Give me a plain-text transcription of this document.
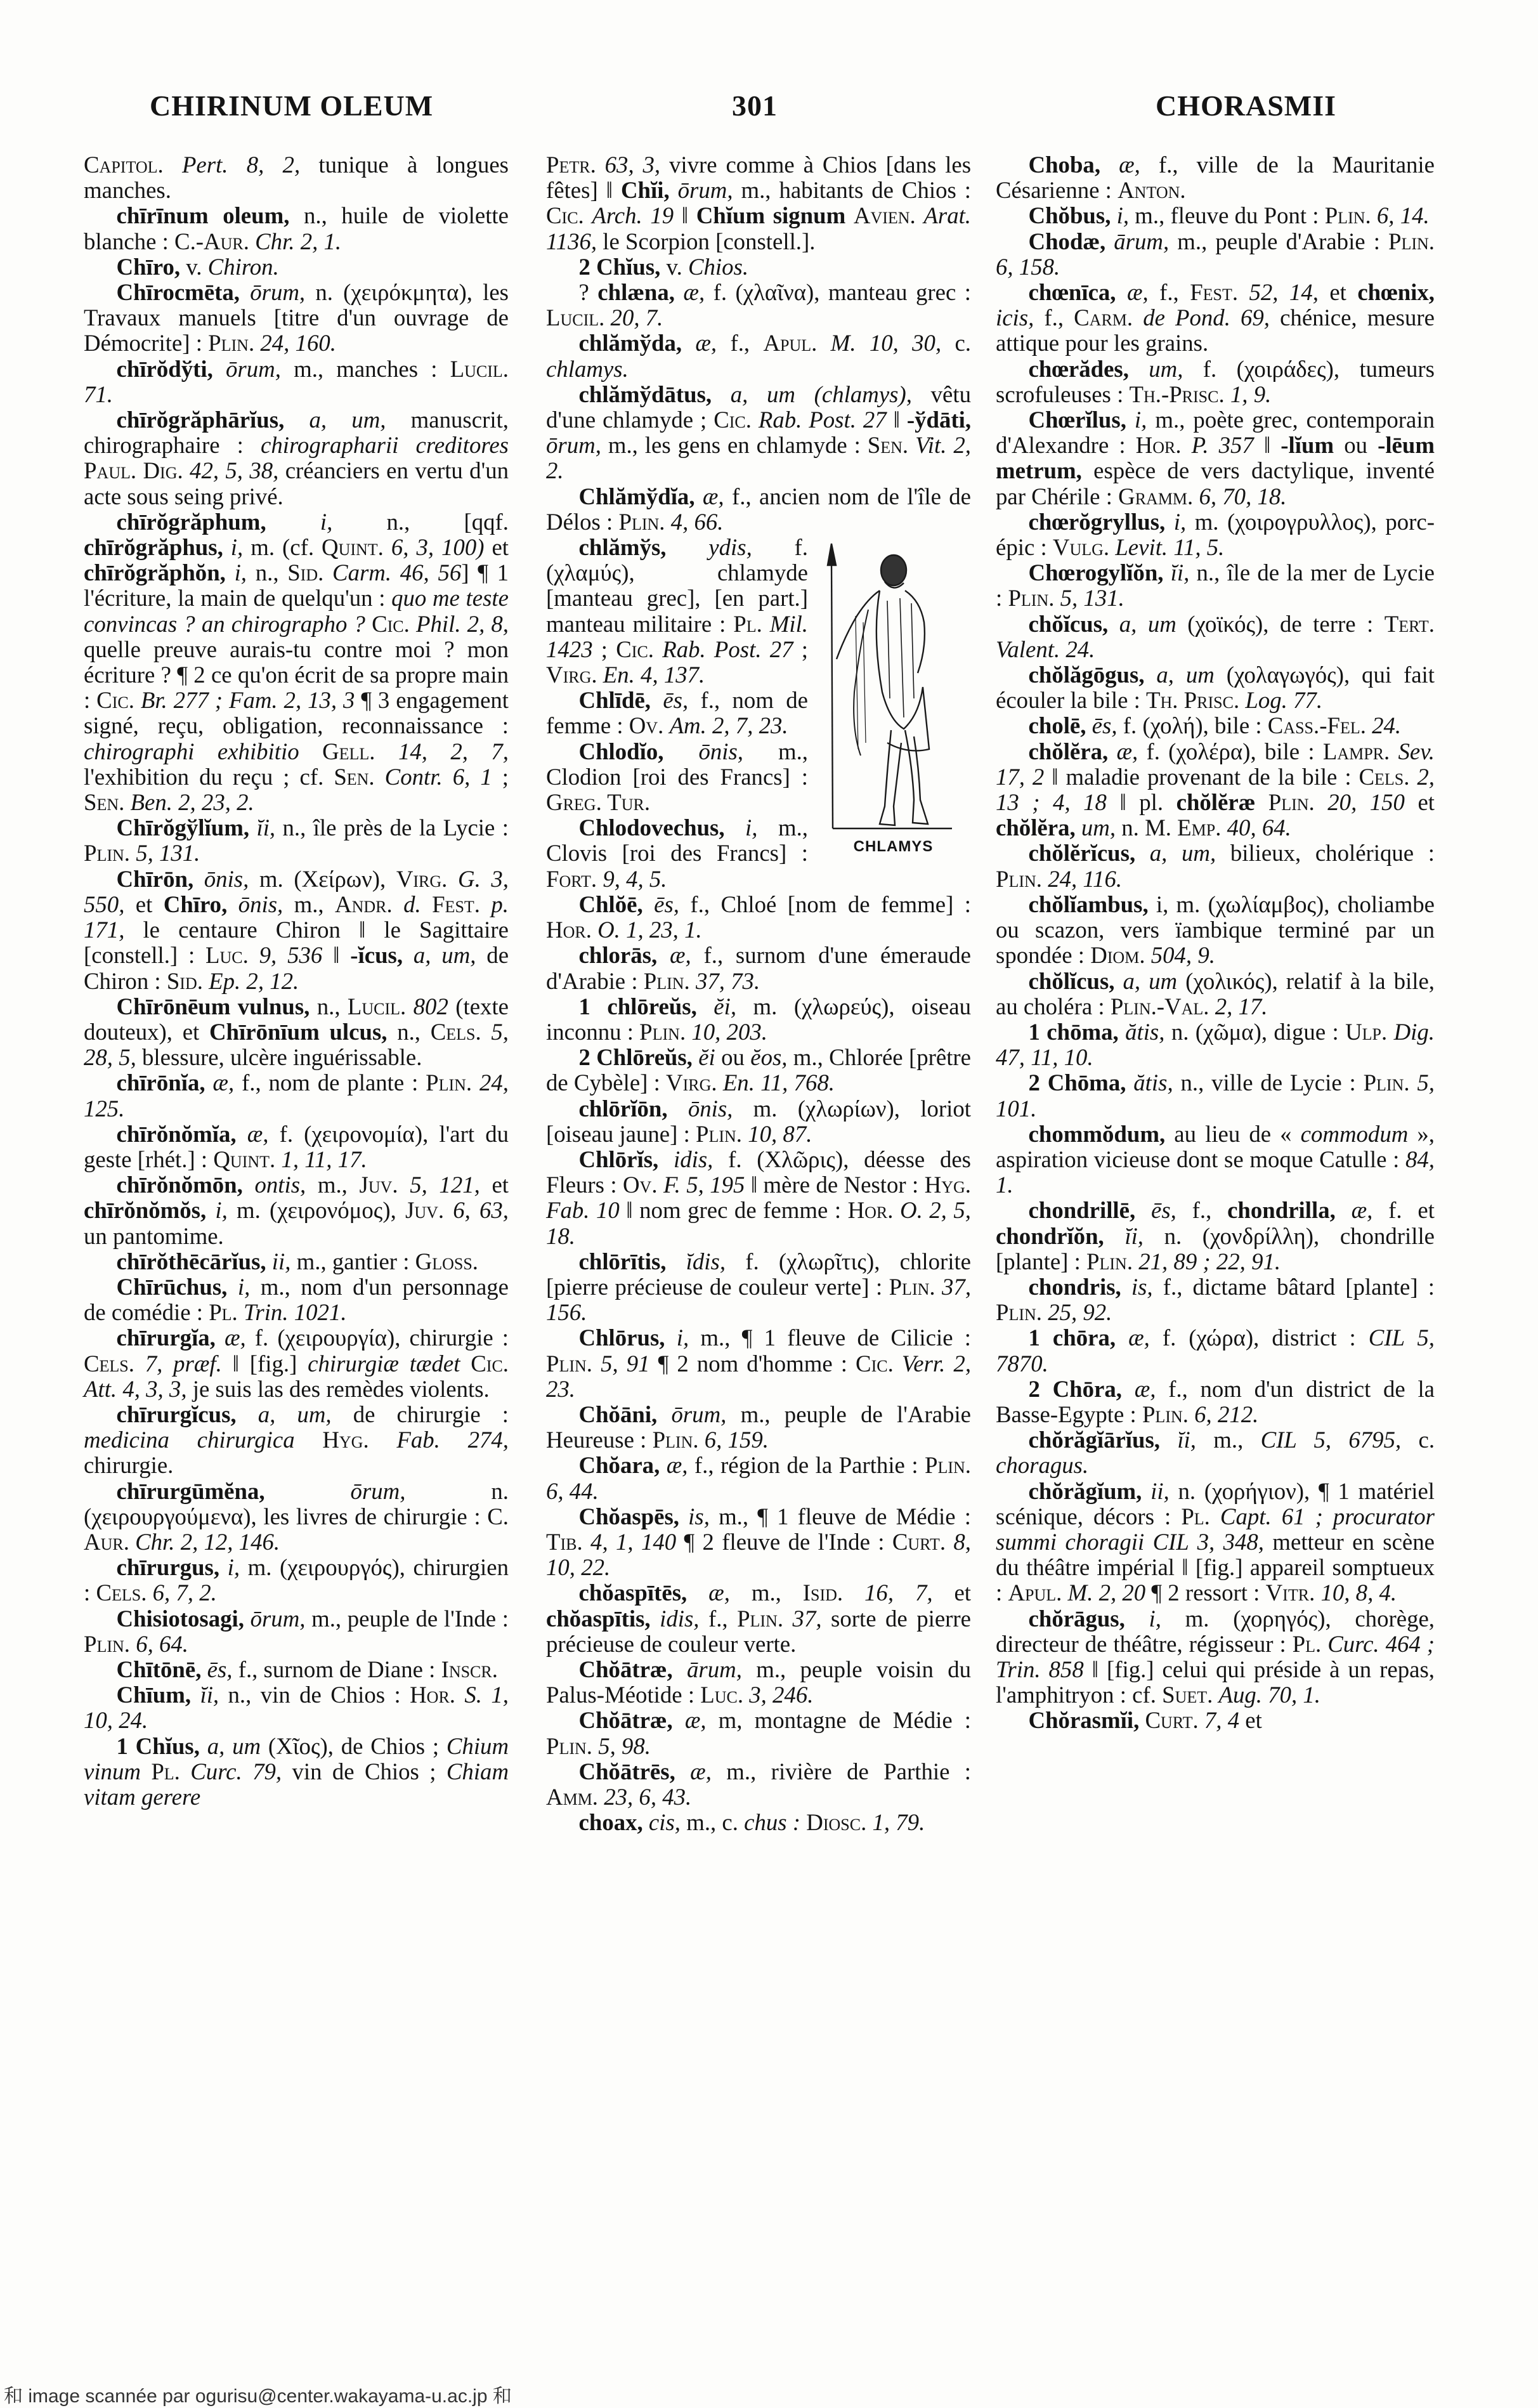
CHIRINUM OLEUM	301	CHORASMII

Capitol. Pert. 8, 2, tunique à longues manches.

chīrīnum oleum, n., huile de violette blanche : C.-Aur. Chr. 2, 1.

Chīro, v. Chiron.

Chīrocmēta, ōrum, n. (χειρόκμητα), les Travaux manuels [titre d'un ouvrage de Démocrite] : Plin. 24, 160.

chīrŏdўti, ōrum, m., manches : Lucil. 71.

chīrŏgrăphārĭus, a, um, manuscrit, chirographaire : chirographarii creditores Paul. Dig. 42, 5, 38, créanciers en vertu d'un acte sous seing privé.

chīrŏgrăphum, i, n., [qqf. chīrŏgrăphus, i, m. (cf. Quint. 6, 3, 100) et chīrŏgrăphŏn, i, n., Sid. Carm. 46, 56] ¶ 1 l'écriture, la main de quelqu'un : quo me teste convincas ? an chirographo ? Cic. Phil. 2, 8, quelle preuve aurais-tu contre moi ? mon écriture ? ¶ 2 ce qu'on écrit de sa propre main : Cic. Br. 277 ; Fam. 2, 13, 3 ¶ 3 engagement signé, reçu, obligation, reconnaissance : chirographi exhibitio Gell. 14, 2, 7, l'exhibition du reçu ; cf. Sen. Contr. 6, 1 ; Sen. Ben. 2, 23, 2.

Chīrŏgўlĭum, ĭi, n., île près de la Lycie : Plin. 5, 131.

Chīrōn, ōnis, m. (Χείρων), Virg. G. 3, 550, et Chīro, ōnis, m., Andr. d. Fest. p. 171, le centaure Chiron ‖ le Sagittaire [constell.] : Luc. 9, 536 ‖ -ĭcus, a, um, de Chiron : Sid. Ep. 2, 12.

Chīrōnēum vulnus, n., Lucil. 802 (texte douteux), et Chīrōnīum ulcus, n., Cels. 5, 28, 5, blessure, ulcère inguérissable.

chīrōnĭa, æ, f., nom de plante : Plin. 24, 125.

chīrŏnŏmĭa, æ, f. (χειρονομία), l'art du geste [rhét.] : Quint. 1, 11, 17.

chīrŏnŏmōn, ontis, m., Juv. 5, 121, et chīrŏnŏmŏs, i, m. (χειρονόμος), Juv. 6, 63, un pantomime.

chīrŏthēcārĭus, ii, m., gantier : Gloss.

Chīrūchus, i, m., nom d'un personnage de comédie : Pl. Trin. 1021.

chīrurgĭa, æ, f. (χειρουργία), chirurgie : Cels. 7, præf. ‖ [fig.] chirurgiæ tædet Cic. Att. 4, 3, 3, je suis las des remèdes violents.

chīrurgĭcus, a, um, de chirurgie : medicina chirurgica Hyg. Fab. 274, chirurgie.

chīrurgūmĕna,	ōrum, n. (χειρουργούμενα), les livres de chirurgie : C. Aur. Chr. 2, 12, 146.

chīrurgus, i, m. (χειρουργός), chirurgien : Cels. 6, 7, 2.

Chisiotosagi, ōrum, m., peuple de l'Inde : Plin. 6, 64.

Chītōnē, ēs, f., surnom de Diane : Inscr.

Chīum, ĭi, n., vin de Chios : Hor. S. 1, 10, 24.

1 Chĭus, a, um (Χῖος), de Chios ; Chium vinum Pl. Curc. 79, vin de Chios ; Chiam vitam gerere

Petr. 63, 3, vivre comme à Chios [dans les fêtes] ‖ Chĭi, ōrum, m., habitants de Chios : Cic. Arch. 19 ‖ Chĭum signum Avien. Arat. 1136, le Scorpion [constell.].

2 Chĭus, v. Chios.

? chlæna, æ, f. (χλαῖνα), manteau grec : Lucil. 20, 7.

chlămўda, æ, f., Apul. M. 10, 30, c. chlamys.

chlămўdātus, a, um (chlamys), vêtu d'une chlamyde ; Cic. Rab. Post. 27 ‖ -ўdāti, ōrum, m., les gens en chlamyde : Sen. Vit. 2, 2.

Chlămўdĭa, æ, f., ancien nom de l'île de Délos : Plin. 4, 66.

CHLAMYS

chlămўs, ydis, f. (χλαμύς), chlamyde [manteau grec], [en part.] manteau militaire : Pl. Mil. 1423 ; Cic. Rab. Post. 27 ; Virg. En. 4, 137.

Chlīdē, ēs, f., nom de femme : Ov. Am. 2, 7, 23.

Chlodĭo, ōnis, m., Clodion [roi des Francs] : Greg. Tur.

Chlodovechus, i, m., Clovis [roi des Francs] : Fort. 9, 4, 5.

Chlŏē, ēs, f., Chloé [nom de femme] : Hor. O. 1, 23, 1.

chlorās, æ, f., surnom d'une émeraude d'Arabie : Plin. 37, 73.

1 chlōreŭs, ĕi, m. (χλωρεύς), oiseau inconnu : Plin. 10, 203.

2 Chlōreŭs, ĕi ou ĕos, m., Chlorée [prêtre de Cybèle] : Virg. En. 11, 768.

chlōrĭōn, ōnis, m. (χλωρίων), loriot [oiseau jaune] : Plin. 10, 87.

Chlōrĭs, idis, f. (Χλῶρις), déesse des Fleurs : Ov. F. 5, 195 ‖ mère de Nestor : Hyg. Fab. 10 ‖ nom grec de femme : Hor. O. 2, 5, 18.

chlōrītis, ĭdis, f. (χλωρῖτις), chlorite [pierre précieuse de couleur verte] : Plin. 37, 156.

Chlōrus, i, m., ¶ 1 fleuve de Cilicie : Plin. 5, 91 ¶ 2 nom d'homme : Cic. Verr. 2, 23.

Chŏāni, ōrum, m., peuple de l'Arabie Heureuse : Plin. 6, 159.

Chŏara, æ, f., région de la Parthie : Plin. 6, 44.

Chŏaspēs, is, m., ¶ 1 fleuve de Médie : Tib. 4, 1, 140 ¶ 2 fleuve de l'Inde : Curt. 8, 10, 22.

chŏaspītēs, æ, m., Isid. 16, 7, et chŏaspītis, idis, f., Plin. 37, sorte de pierre précieuse de couleur verte.

Chŏātræ, ārum, m., peuple voisin du Palus-Méotide : Luc. 3, 246.

Chŏātræ, æ, m, montagne de Médie : Plin. 5, 98.

Chŏātrēs, æ, m., rivière de Parthie : Amm. 23, 6, 43.

choax, cis, m., c. chus : Diosc. 1, 79.

Choba, æ, f., ville de la Mauritanie Césarienne : Anton.

Chŏbus, i, m., fleuve du Pont : Plin. 6, 14.

Chodæ, ārum, m., peuple d'Arabie : Plin. 6, 158.

chœnīca, æ, f., Fest. 52, 14, et chœnix, icis, f., Carm. de Pond. 69, chénice, mesure attique pour les grains.

chœrădes, um, f. (χοιράδες), tumeurs scrofuleuses : Th.-Prisc. 1, 9.

Chœrĭlus, i, m., poète grec, contemporain d'Alexandre : Hor. P. 357 ‖ -lĭum ou -lēum metrum, espèce de vers dactylique, inventé par Chérile : Gramm. 6, 70, 18.

chœrŏgryllus, i, m. (χοιρογρυλλος), porc-épic : Vulg. Levit. 11, 5.

Chœrogylĭŏn, ĭi, n., île de la mer de Lycie : Plin. 5, 131.

chŏĭcus, a, um (χοϊκός), de terre : Tert. Valent. 24.

chŏlăgōgus, a, um (χολαγωγός), qui fait écouler la bile : Th. Prisc. Log. 77.

cholē, ēs, f. (χολή), bile : Cass.-Fel. 24.

chŏlĕra, æ, f. (χολέρα), bile : Lampr. Sev. 17, 2 ‖ maladie provenant de la bile : Cels. 2, 13 ; 4, 18 ‖ pl. chŏlĕræ Plin. 20, 150 et chŏlĕra, um, n. M. Emp. 40, 64.

chŏlĕrĭcus, a, um, bilieux, cholérique : Plin. 24, 116.

chŏlĭambus, i, m. (χωλίαμβος), choliambe ou scazon, vers ïambique terminé par un spondée : Diom. 504, 9.

chŏlĭcus, a, um (χολικός), relatif à la bile, au choléra : Plin.-Val. 2, 17.

1 chōma, ătis, n. (χῶμα), digue : Ulp. Dig. 47, 11, 10.

2 Chōma, ătis, n., ville de Lycie : Plin. 5, 101.

chommŏdum, au lieu de « commodum », aspiration vicieuse dont se moque Catulle : 84, 1.

chondrillē, ēs, f., chondrilla, æ, f. et chondrĭŏn, ĭi, n. (χονδρίλλη), chondrille [plante] : Plin. 21, 89 ; 22, 91.

chondris, is, f., dictame bâtard [plante] : Plin. 25, 92.

1 chōra, æ, f. (χώρα), district : CIL 5, 7870.

2 Chōra, æ, f., nom d'un district de la Basse-Egypte : Plin. 6, 212.

chŏrăgĭārĭus, ĭi, m., CIL 5, 6795, c. choragus.

chŏrăgĭum, ii, n. (χορήγιον), ¶ 1 matériel scénique, décors : Pl. Capt. 61 ; procurator summi choragii CIL 3, 348, metteur en scène du théâtre impérial ‖ [fig.] appareil somptueux : Apul. M. 2, 20 ¶ 2 ressort : Vitr. 10, 8, 4.

chŏrāgus, i, m. (χορηγός), chorège, directeur de théâtre, régisseur : Pl. Curc. 464 ; Trin. 858 ‖ [fig.] celui qui préside à un repas, l'amphitryon : cf. Suet. Aug. 70, 1.

Chŏrasmĭi, Curt. 7, 4 et

和 image scannée par ogurisu@center.wakayama-u.ac.jp 和
